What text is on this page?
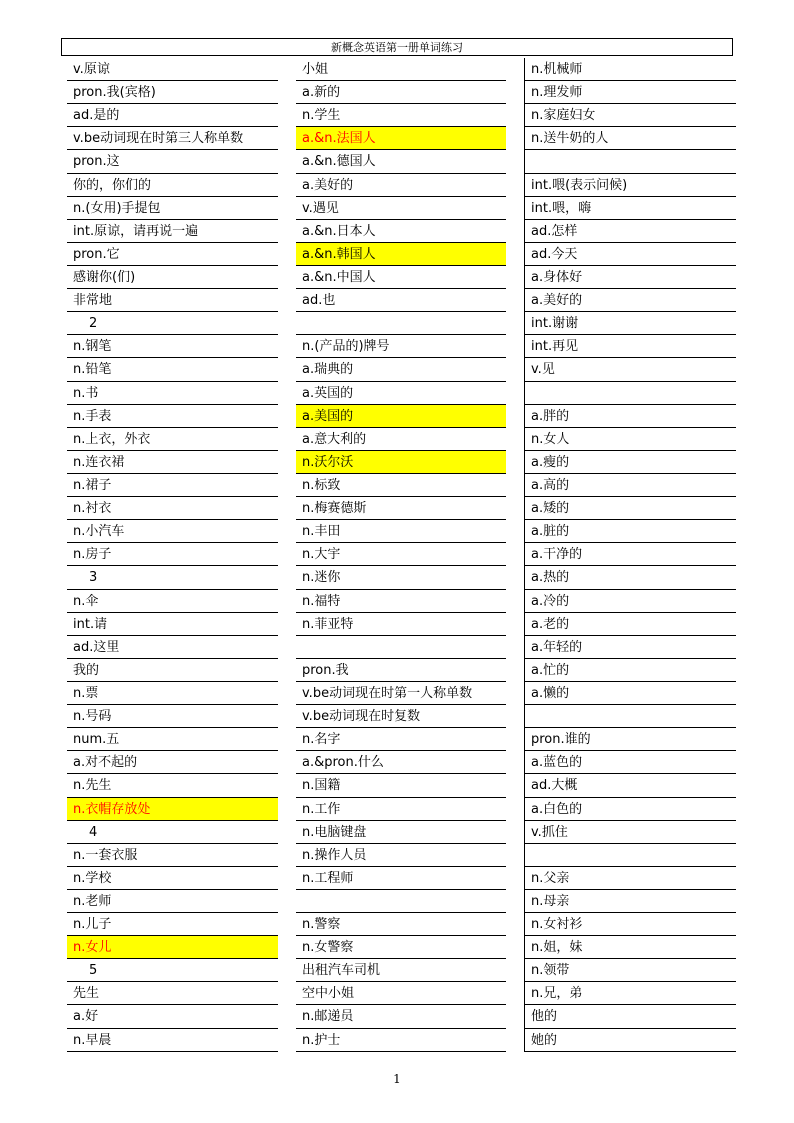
新概念英语第一册单词练习
v.原谅
pron.我(宾格)
ad.是的
v.be动词现在时第三人称单数
pron.这
你的，你们的
n.(女用)手提包
int.原谅，请再说一遍
pron.它
感谢你(们)
非常地
2
n.钢笔
n.铅笔
n.书
n.手表
n.上衣，外衣
n.连衣裙
n.裙子
n.衬衣
n.小汽车
n.房子
3
n.伞
int.请
ad.这里
我的
n.票
n.号码
num.五
a.对不起的
n.先生
n.衣帽存放处
4
n.一套衣服
n.学校
n.老师
n.儿子
n.女儿
5
先生
a.好
n.早晨
小姐
a.新的
n.学生
a.&n.法国人
a.&n.德国人
a.美好的
v.遇见
a.&n.日本人
a.&n.韩国人
a.&n.中国人
ad.也
n.(产品的)牌号
a.瑞典的
a.英国的
a.美国的
a.意大利的
n.沃尔沃
n.标致
n.梅赛德斯
n.丰田
n.大宇
n.迷你
n.福特
n.菲亚特
pron.我
v.be动词现在时第一人称单数
v.be动词现在时复数
n.名字
a.&pron.什么
n.国籍
n.工作
n.电脑键盘
n.操作人员
n.工程师
n.警察
n.女警察
出租汽车司机
空中小姐
n.邮递员
n.护士
n.机械师
n.理发师
n.家庭妇女
n.送牛奶的人
int.喂(表示问候)
int.喂，嗨
ad.怎样
ad.今天
a.身体好
a.美好的
int.谢谢
int.再见
v.见
a.胖的
n.女人
a.瘦的
a.高的
a.矮的
a.脏的
a.干净的
a.热的
a.冷的
a.老的
a.年轻的
a.忙的
a.懒的
pron.谁的
a.蓝色的
ad.大概
a.白色的
v.抓住
n.父亲
n.母亲
n.女衬衫
n.姐，妹
n.领带
n.兄，弟
他的
她的
1
